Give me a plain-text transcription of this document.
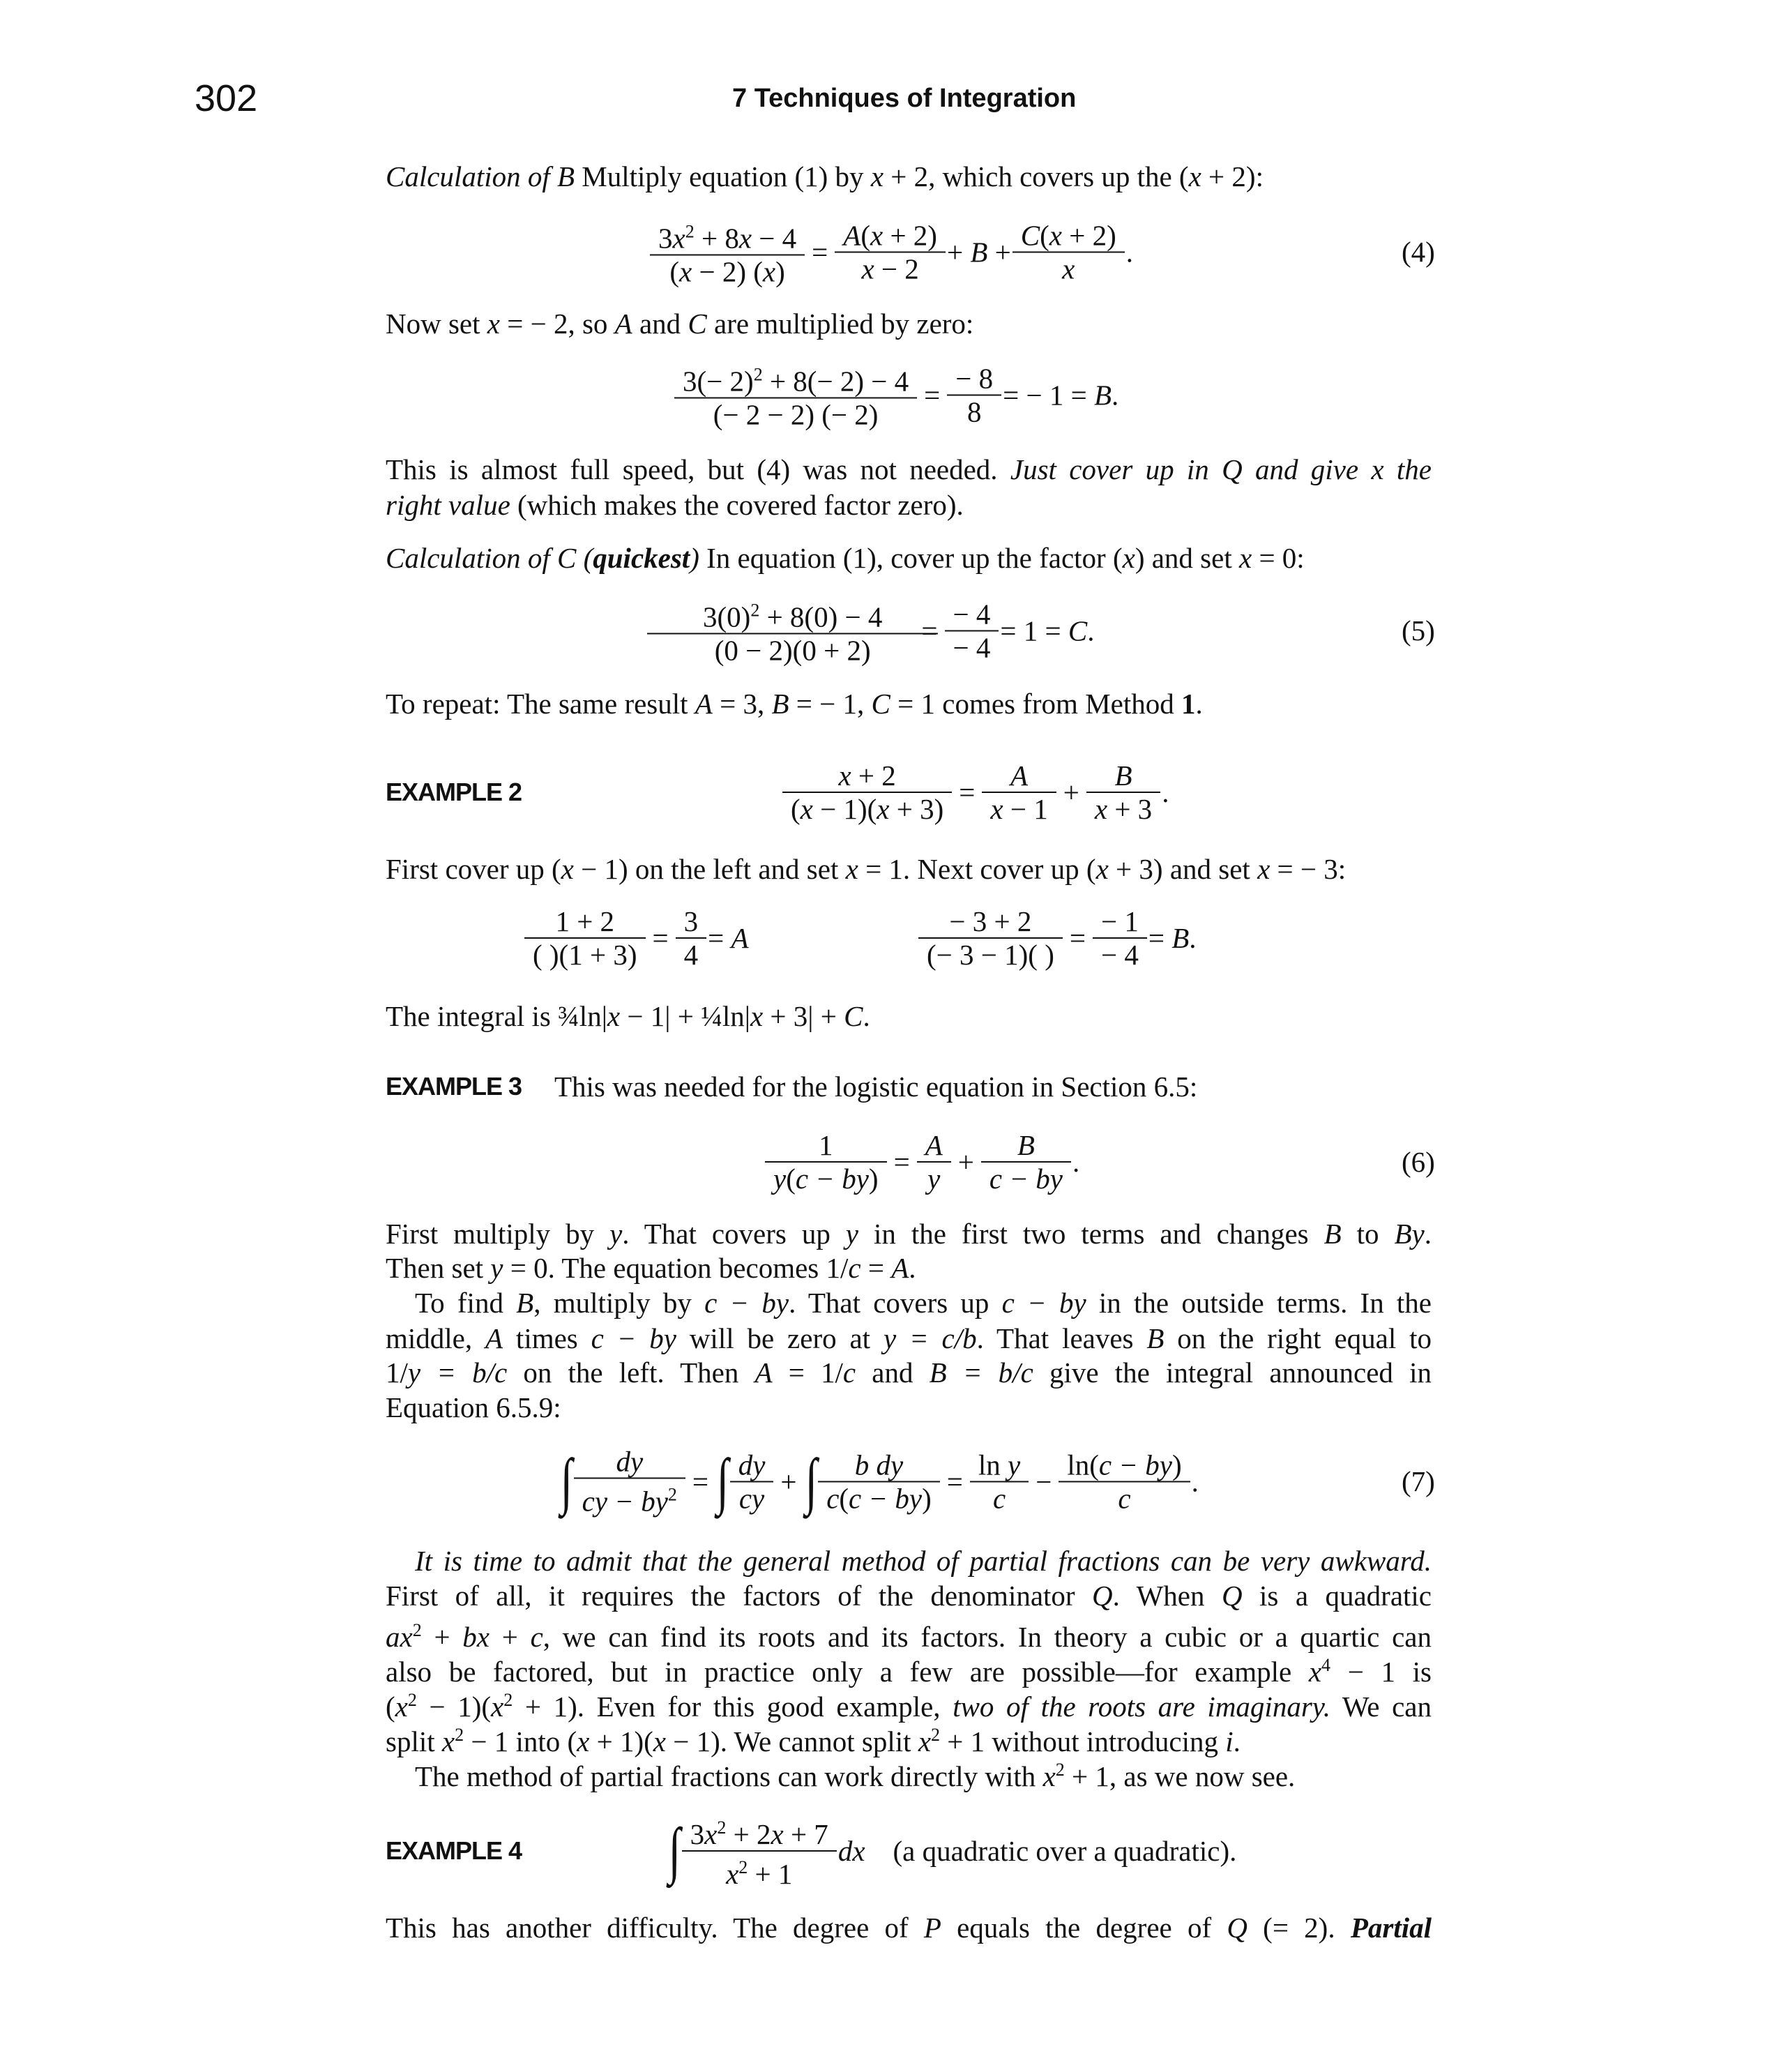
302	7 Techniques of Integration
Calculation of B Multiply equation (1) by x + 2, which covers up the (x + 2):
$\frac{3x^2 + 8x - 4}{(x - 2) (x)} = \frac{A(x + 2)}{x - 2} + B + \frac{C(x + 2)}{x}$ .	(4)
Now set x = − 2, so A and C are multiplied by zero:
$\frac{3(- 2)^2 + 8(- 2) - 4}{(- 2 - 2) (- 2)} = \frac{- 8}{8}$ = − 1 = B.
This is almost full speed, but (4) was not needed. Just cover up in Q and give x the
right value (which makes the covered factor zero).
Calculation of C (quickest) In equation (1), cover up the factor (x) and set x = 0:
$\frac{3(0)^2 + 8(0) - 4}{(0 - 2)(0 + 2)} = \frac{- 4}{- 4} = 1 = C$.	(5)
To repeat: The same result A = 3, B = − 1, C = 1 comes from Method 1.
EXAMPLE 2	$\frac{x + 2}{(x - 1)(x + 3)} = \frac{A}{x - 1} + \frac{B}{x + 3}$ .
First cover up (x − 1) on the left and set x = 1. Next cover up (x + 3) and set x = − 3:
$\frac{1 + 2}{( )(1 + 3)} = \frac{3}{4} = A$	$\frac{- 3 + 2}{(- 3 - 1)( )} = \frac{- 1}{- 4} = B$.
The integral is ¾ln|x − 1| + ¼ln|x + 3| + C.
EXAMPLE 3 This was needed for the logistic equation in Section 6.5:
$\frac{1}{y(c - by)} = \frac{A}{y} + \frac{B}{c - by}$ .	(6)
First multiply by y. That covers up y in the first two terms and changes B to By.
Then set y = 0. The equation becomes 1/c = A.
To find B, multiply by c − by. That covers up c − by in the outside terms. In the
middle, A times c − by will be zero at y = c/b. That leaves B on the right equal to
1/y = b/c on the left. Then A = 1/c and B = b/c give the integral announced in
Equation 6.5.9:
∫ $\frac{dy}{cy - by^2}$ = ∫ $\frac{dy}{cy}$ + ∫ $\frac{\text{b dy}}{c(c - by)} = \frac{\text{ln y}}{c} - \frac{\ln(c - by)}{c}$ .	(7)
It is time to admit that the general method of partial fractions can be very awkward.
First of all, it requires the factors of the denominator Q. When Q is a quadratic
$ax^2$ + bx + c, we can find its roots and its factors. In theory a cubic or a quartic can
also be factored, but in practice only a few are possible—for example $x^4 - 1$ is
$(x^2 - 1)(x^2 + 1)$. Even for this good example, two of the roots are imaginary. We can
split $x^2 - 1$ into (x + 1)(x − 1). We cannot split $x^2 + 1$ without introducing i.
The method of partial fractions can work directly with $x^2 + 1$, as we now see.
EXAMPLE 4 ∫ $\frac{3x^2 + 2x + 7}{x^2 + 1}$ dx (a quadratic over a quadratic).
This has another difficulty. The degree of P equals the degree of Q (= 2). Partial
